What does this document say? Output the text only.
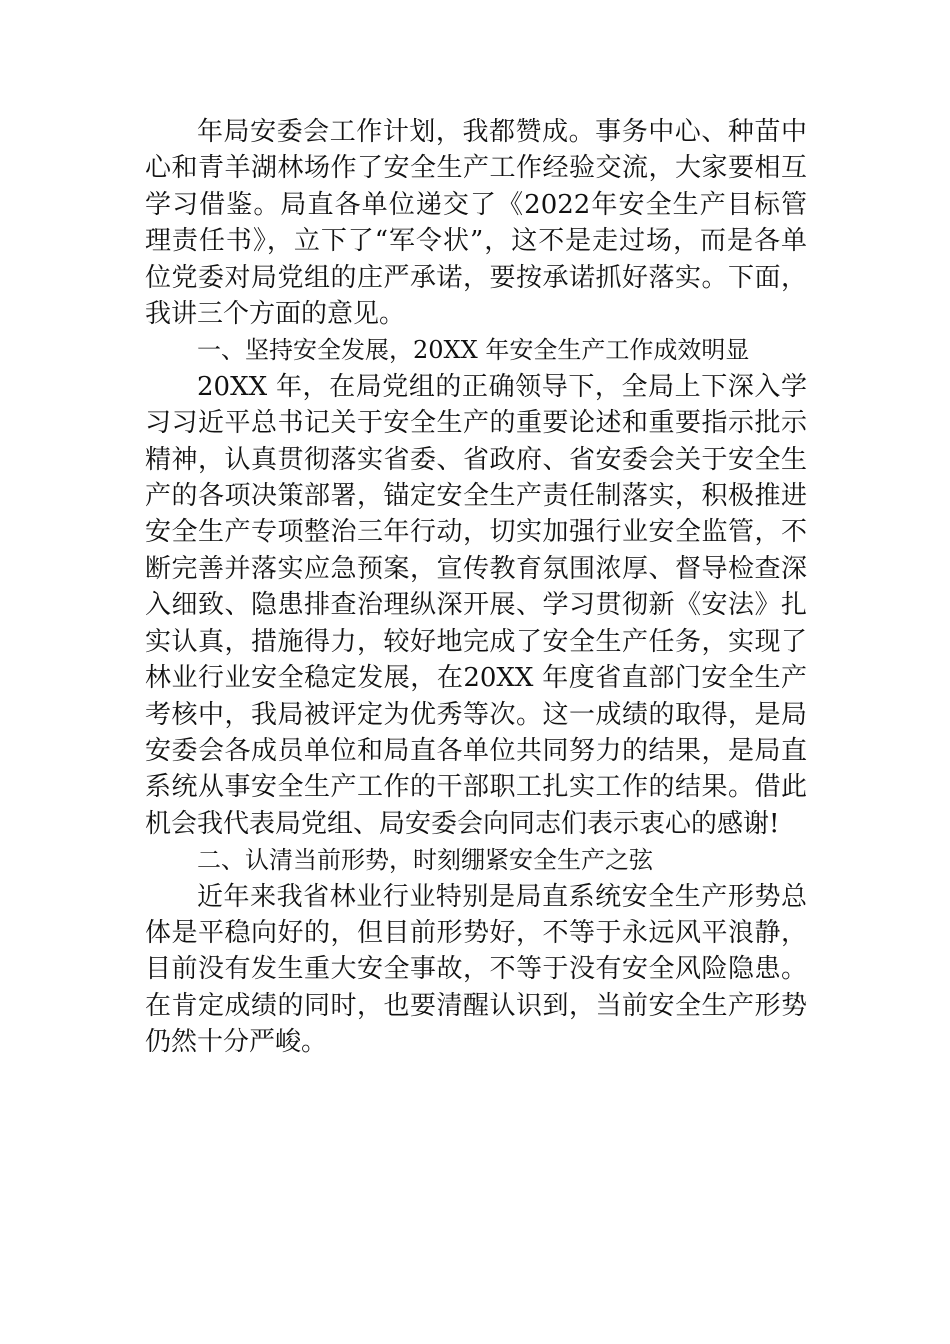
年局安委会工作计划，我都赞成。事务中心、种苗中心和青羊湖林场作了安全生产工作经验交流，大家要相互学习借鉴。局直各单位递交了《2022年安全生产目标管理责任书》，立下了“军令状”，这不是走过场，而是各单位党委对局党组的庄严承诺，要按承诺抓好落实。下面，我讲三个方面的意见。

一、坚持安全发展，20XX 年安全生产工作成效明显

20XX 年，在局党组的正确领导下，全局上下深入学习习近平总书记关于安全生产的重要论述和重要指示批示精神，认真贯彻落实省委、省政府、省安委会关于安全生产的各项决策部署，锚定安全生产责任制落实，积极推进安全生产专项整治三年行动，切实加强行业安全监管，不断完善并落实应急预案，宣传教育氛围浓厚、督导检查深入细致、隐患排查治理纵深开展、学习贯彻新《安法》扎实认真，措施得力，较好地完成了安全生产任务，实现了林业行业安全稳定发展，在20XX 年度省直部门安全生产考核中，我局被评定为优秀等次。这一成绩的取得，是局安委会各成员单位和局直各单位共同努力的结果，是局直系统从事安全生产工作的干部职工扎实工作的结果。借此机会我代表局党组、局安委会向同志们表示衷心的感谢!

二、认清当前形势，时刻绷紧安全生产之弦

近年来我省林业行业特别是局直系统安全生产形势总体是平稳向好的，但目前形势好，不等于永远风平浪静，目前没有发生重大安全事故，不等于没有安全风险隐患。在肯定成绩的同时，也要清醒认识到，当前安全生产形势仍然十分严峻。
